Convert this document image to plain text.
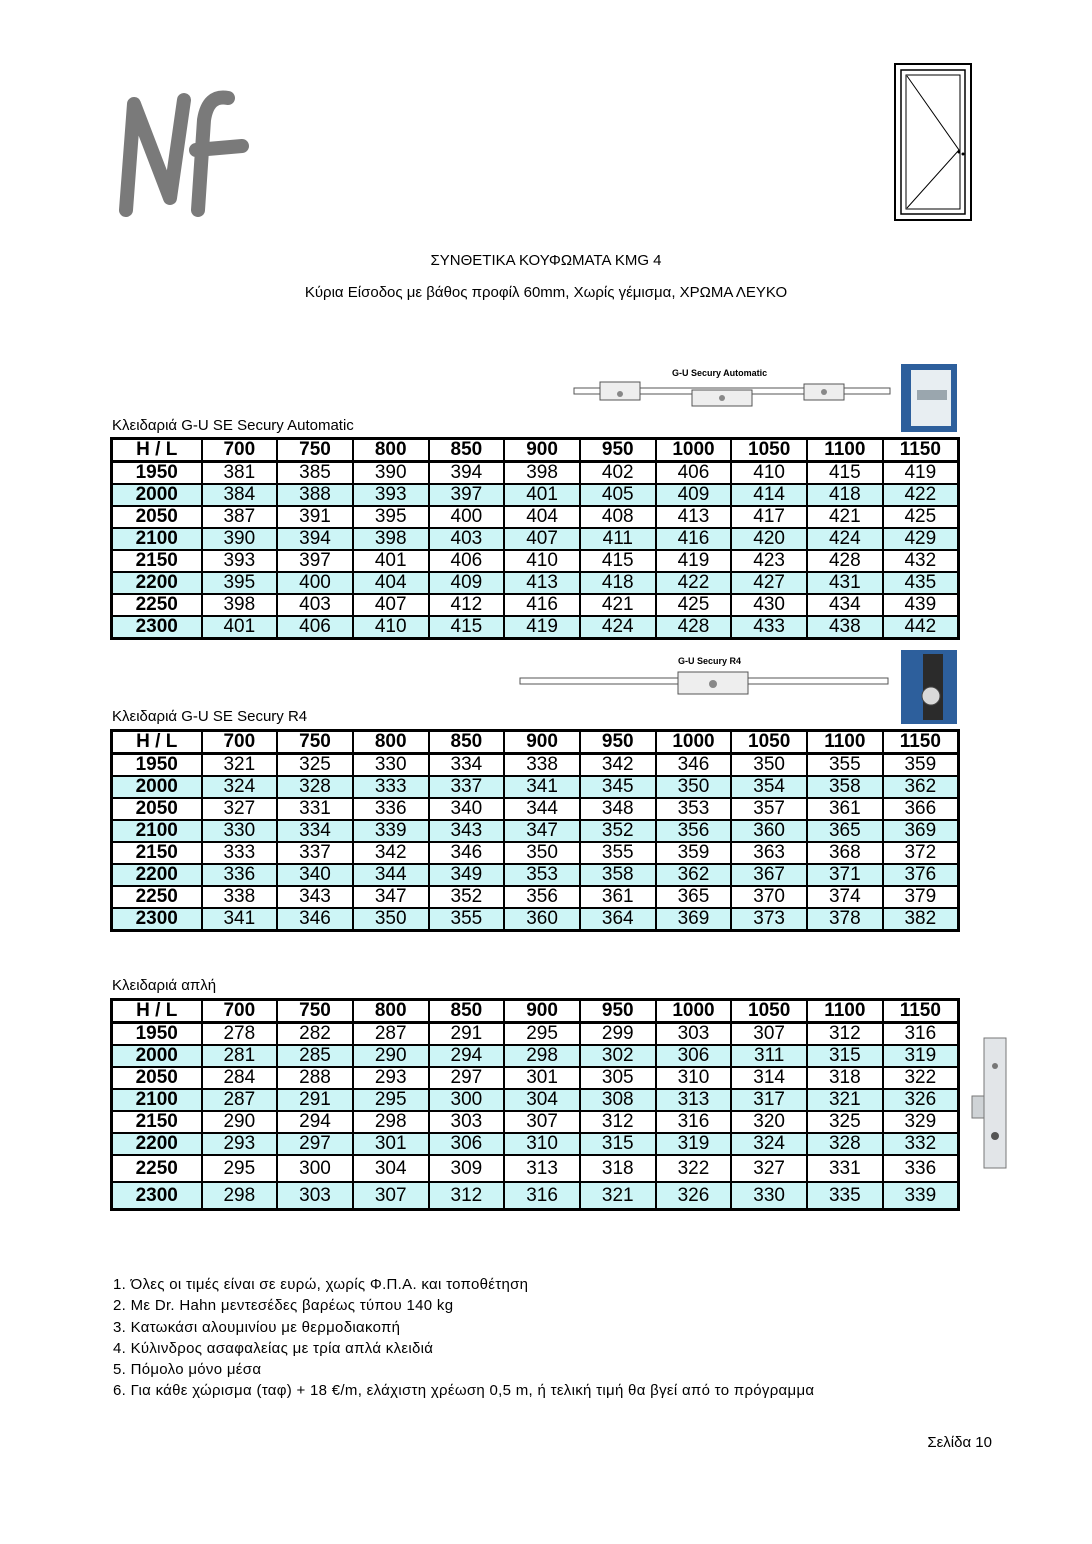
ΣΥΝΘΕΤΙΚΑ ΚΟΥΦΩΜΑΤΑ KMG 4
Κύρια Είσοδος με βάθος προφίλ 60mm, Χωρίς γέμισμα, ΧΡΩΜΑ ΛΕΥΚΟ
G-U Secury Automatic
Κλειδαριά G-U SE Secury Automatic
H / L	700	750	800	850	900	950	1000	1050	1100	1150
1950	381	385	390	394	398	402	406	410	415	419
2000	384	388	393	397	401	405	409	414	418	422
2050	387	391	395	400	404	408	413	417	421	425
2100	390	394	398	403	407	411	416	420	424	429
2150	393	397	401	406	410	415	419	423	428	432
2200	395	400	404	409	413	418	422	427	431	435
2250	398	403	407	412	416	421	425	430	434	439
2300	401	406	410	415	419	424	428	433	438	442
G-U Secury R4
Κλειδαριά G-U SE Secury R4
H / L	700	750	800	850	900	950	1000	1050	1100	1150
1950	321	325	330	334	338	342	346	350	355	359
2000	324	328	333	337	341	345	350	354	358	362
2050	327	331	336	340	344	348	353	357	361	366
2100	330	334	339	343	347	352	356	360	365	369
2150	333	337	342	346	350	355	359	363	368	372
2200	336	340	344	349	353	358	362	367	371	376
2250	338	343	347	352	356	361	365	370	374	379
2300	341	346	350	355	360	364	369	373	378	382
Κλειδαριά απλή
H / L	700	750	800	850	900	950	1000	1050	1100	1150
1950	278	282	287	291	295	299	303	307	312	316
2000	281	285	290	294	298	302	306	311	315	319
2050	284	288	293	297	301	305	310	314	318	322
2100	287	291	295	300	304	308	313	317	321	326
2150	290	294	298	303	307	312	316	320	325	329
2200	293	297	301	306	310	315	319	324	328	332
2250	295	300	304	309	313	318	322	327	331	336
2300	298	303	307	312	316	321	326	330	335	339
1. Όλες οι τιμές είναι σε ευρώ, χωρίς Φ.Π.Α. και τοποθέτηση
2. Με Dr. Hahn μεντεσέδες βαρέως τύπου 140 kg
3. Κατωκάσι αλουμινίου με θερμοδιακοπή
4. Κύλινδρος ασαφαλείας με τρία απλά κλειδιά
5. Πόμολο μόνο μέσα
6. Για κάθε χώρισμα (ταφ) + 18 €/m, ελάχιστη χρέωση 0,5 m, ή τελική τιμή θα βγεί από το πρόγραμμα
Σελίδα 10
